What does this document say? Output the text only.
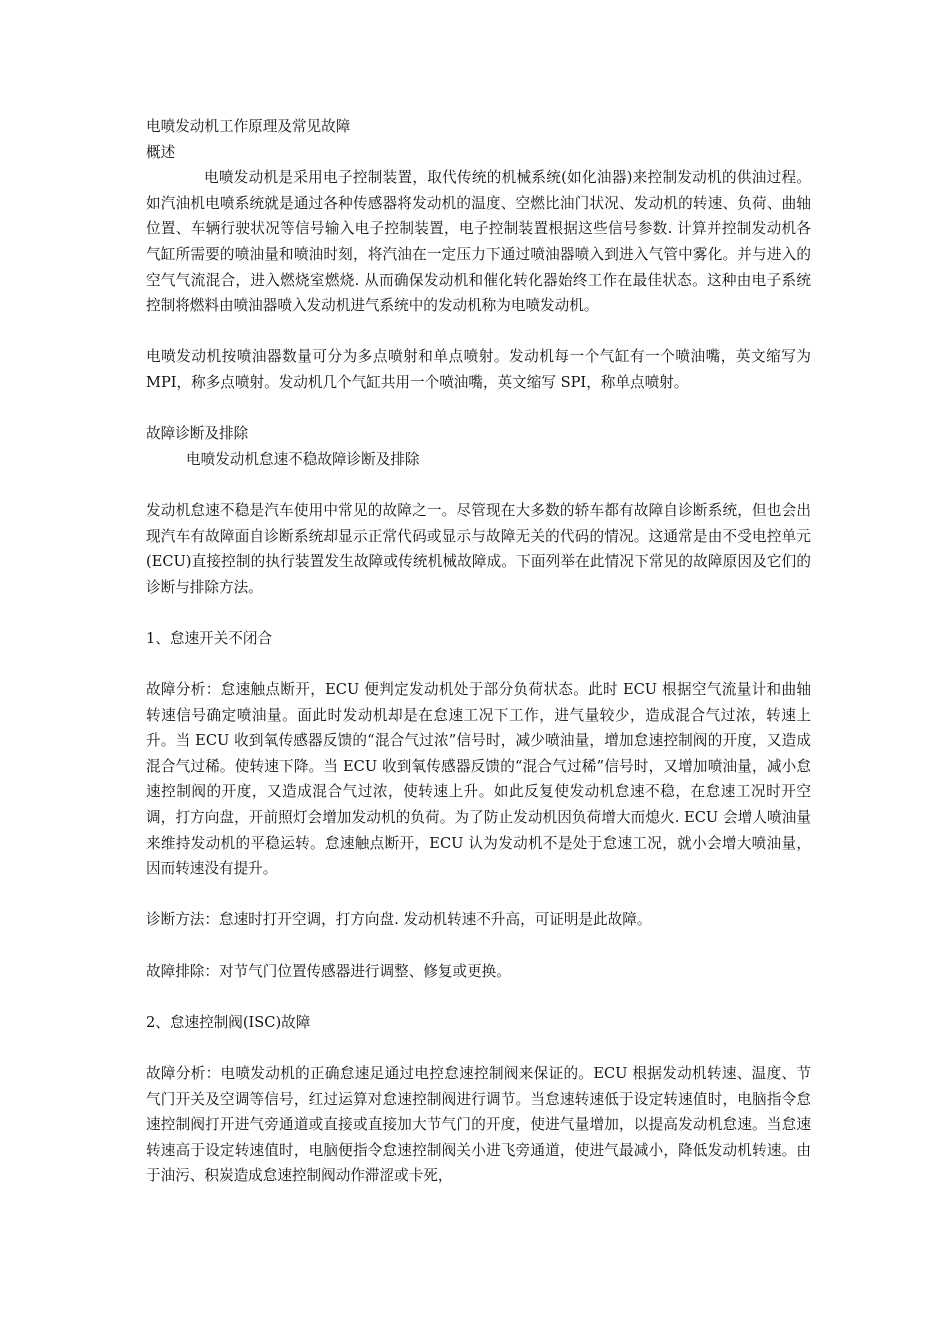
电喷发动机工作原理及常见故障

概述

电喷发动机是采用电子控制装置，取代传统的机械系统(如化油器)来控制发动机的供油过程。如汽油机电喷系统就是通过各种传感器将发动机的温度、空燃比油门状况、发动机的转速、负荷、曲轴位置、车辆行驶状况等信号输入电子控制装置，电子控制装置根据这些信号参数. 计算并控制发动机各气缸所需要的喷油量和喷油时刻，将汽油在一定压力下通过喷油器喷入到进入气管中雾化。并与进入的空气气流混合，进入燃烧室燃烧. 从而确保发动机和催化转化器始终工作在最佳状态。这种由电子系统控制将燃料由喷油器喷入发动机进气系统中的发动机称为电喷发动机。

电喷发动机按喷油器数量可分为多点喷射和单点喷射。发动机每一个气缸有一个喷油嘴，英文缩写为 MPI，称多点喷射。发动机几个气缸共用一个喷油嘴，英文缩写 SPI，称单点喷射。

故障诊断及排除

电喷发动机怠速不稳故障诊断及排除

发动机怠速不稳是汽车使用中常见的故障之一。尽管现在大多数的轿车都有故障自诊断系统，但也会出现汽车有故障面自诊断系统却显示正常代码或显示与故障无关的代码的情况。这通常是由不受电控单元(ECU)直接控制的执行装置发生故障或传统机械故障成。下面列举在此情况下常见的故障原因及它们的诊断与排除方法。

1、怠速开关不闭合

故障分析：怠速触点断开，ECU 便判定发动机处于部分负荷状态。此时 ECU 根据空气流量计和曲轴转速信号确定喷油量。面此时发动机却是在怠速工况下工作，进气量较少，造成混合气过浓，转速上升。当 ECU 收到氧传感器反馈的“混合气过浓”信号时，减少喷油量，增加怠速控制阀的开度，又造成混合气过稀。使转速下降。当 ECU 收到氧传感器反馈的“混合气过稀”信号时，又增加喷油量，减小怠速控制阀的开度，又造成混合气过浓，使转速上升。如此反复使发动机怠速不稳，在怠速工况时开空调，打方向盘，开前照灯会增加发动机的负荷。为了防止发动机因负荷增大而熄火. ECU 会增人喷油量来维持发动机的平稳运转。怠速触点断开，ECU 认为发动机不是处于怠速工况，就小会增大喷油量，因而转速没有提升。

诊断方法：怠速时打开空调，打方向盘. 发动机转速不升高，可证明是此故障。

故障排除：对节气门位置传感器进行调整、修复或更换。

2、怠速控制阀(ISC)故障

故障分析：电喷发动机的正确怠速足通过电控怠速控制阀来保证的。ECU 根据发动机转速、温度、节气门开关及空调等信号，红过运算对怠速控制阀进行调节。当怠速转速低于设定转速值时，电脑指令怠速控制阀打开进气旁通道或直接或直接加大节气门的开度，使进气量增加，以提高发动机怠速。当怠速转速高于设定转速值时，电脑便指令怠速控制阀关小进飞旁通道，使进气最减小，降低发动机转速。由于油污、积炭造成怠速控制阀动作滞涩或卡死，
